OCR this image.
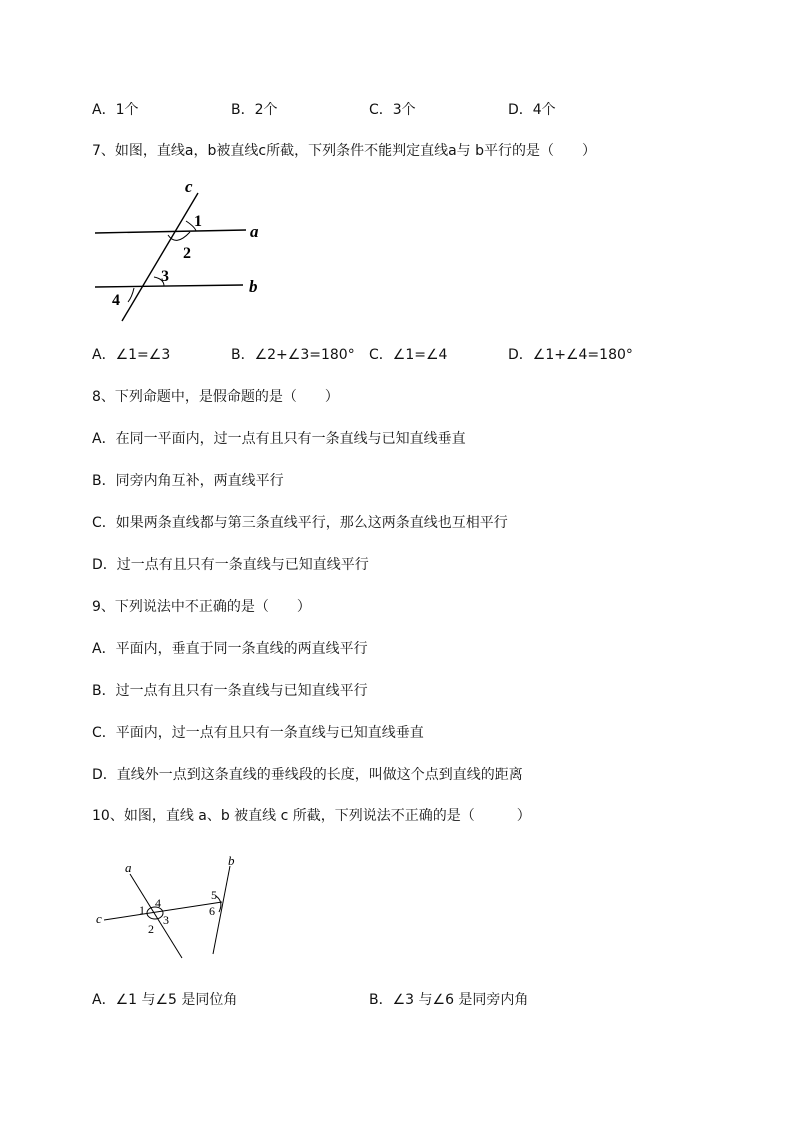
A．1个	B．2个	C．3个	D．4个
7、如图，直线a，b被直线c所截，下列条件不能判定直线a与 b平行的是（　　）
c
1
a
2
3
b
4
A．∠1=∠3	B．∠2+∠3=180° C．∠1=∠4	D．∠1+∠4=180°
8、下列命题中，是假命题的是（　　）
A．在同一平面内，过一点有且只有一条直线与已知直线垂直
B．同旁内角互补，两直线平行
C．如果两条直线都与第三条直线平行，那么这两条直线也互相平行
D．过一点有且只有一条直线与已知直线平行
9、下列说法中不正确的是（　　）
A．平面内，垂直于同一条直线的两直线平行
B．过一点有且只有一条直线与已知直线平行
C．平面内，过一点有且只有一条直线与已知直线垂直
D．直线外一点到这条直线的垂线段的长度，叫做这个点到直线的距离
10、如图，直线 a、b 被直线 c 所截，下列说法不正确的是（　　　）
a	b
c
1 4
2
3
5
6
A．∠1 与∠5 是同位角	B．∠3 与∠6 是同旁内角
